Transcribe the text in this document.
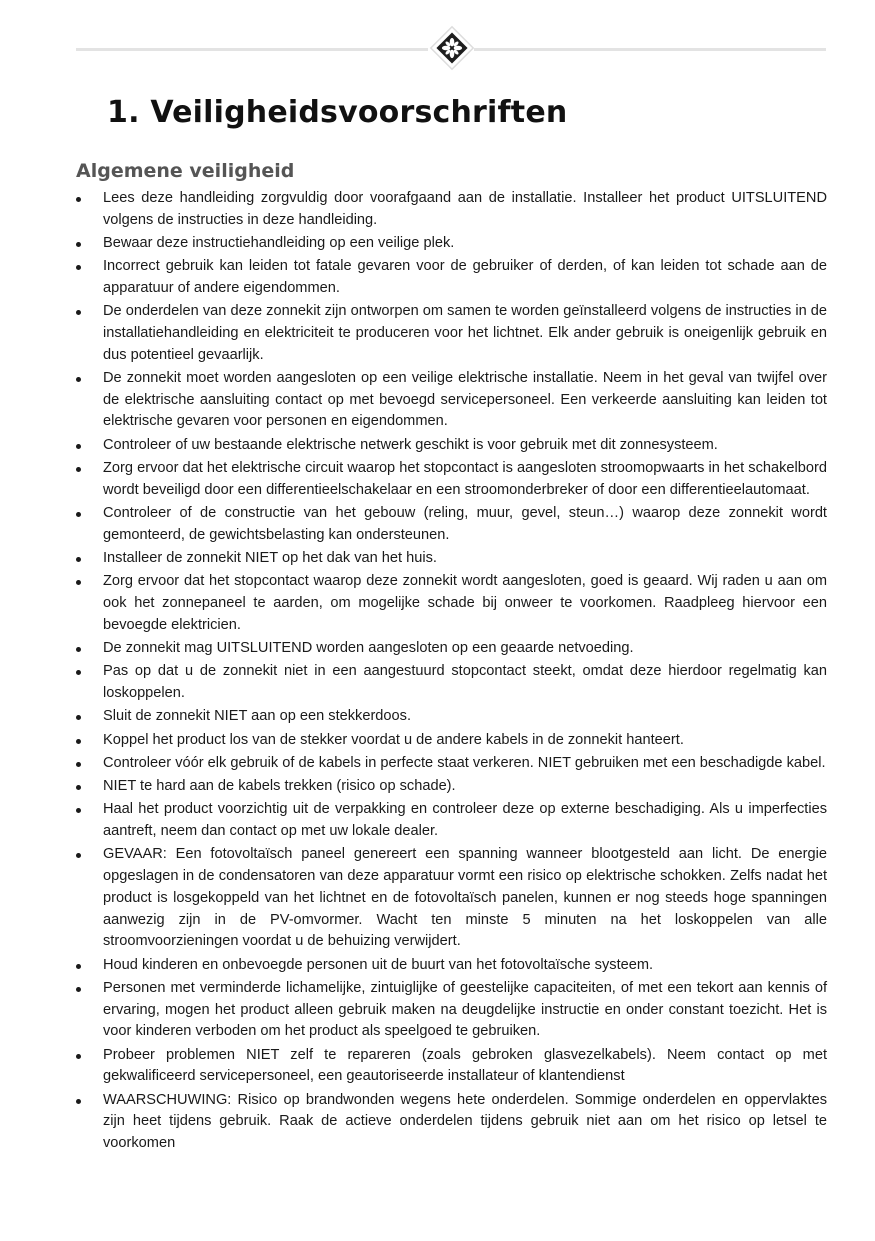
1. Veiligheidsvoorschriften
Algemene veiligheid
Lees deze handleiding zorgvuldig door voorafgaand aan de installatie. Installeer het product UITSLUITEND volgens de instructies in deze handleiding.
Bewaar deze instructiehandleiding op een veilige plek.
Incorrect gebruik kan leiden tot fatale gevaren voor de gebruiker of derden, of kan leiden tot schade aan de apparatuur of andere eigendommen.
De onderdelen van deze zonnekit zijn ontworpen om samen te worden geïnstalleerd volgens de instructies in de installatiehandleiding en elektriciteit te produceren voor het lichtnet. Elk ander gebruik is oneigenlijk gebruik en dus potentieel gevaarlijk.
De zonnekit moet worden aangesloten op een veilige elektrische installatie. Neem in het geval van twijfel over de elektrische aansluiting contact op met bevoegd servicepersoneel. Een verkeerde aansluiting kan leiden tot elektrische gevaren voor personen en eigendommen.
Controleer of uw bestaande elektrische netwerk geschikt is voor gebruik met dit zonnesysteem.
Zorg ervoor dat het elektrische circuit waarop het stopcontact is aangesloten stroomopwaarts in het schakelbord wordt beveiligd door een differentieelschakelaar en een stroomonderbreker of door een differentieelautomaat.
Controleer of de constructie van het gebouw (reling, muur, gevel, steun…) waarop deze zonnekit wordt gemonteerd, de gewichtsbelasting kan ondersteunen.
Installeer de zonnekit NIET op het dak van het huis.
Zorg ervoor dat het stopcontact waarop deze zonnekit wordt aangesloten, goed is geaard. Wij raden u aan om ook het zonnepaneel te aarden, om mogelijke schade bij onweer te voorkomen. Raadpleeg hiervoor een bevoegde elektricien.
De zonnekit mag UITSLUITEND worden aangesloten op een geaarde netvoeding.
Pas op dat u de zonnekit niet in een aangestuurd stopcontact steekt, omdat deze hierdoor regelmatig kan loskoppelen.
Sluit de zonnekit NIET aan op een stekkerdoos.
Koppel het product los van de stekker voordat u de andere kabels in de zonnekit hanteert.
Controleer vóór elk gebruik of de kabels in perfecte staat verkeren. NIET gebruiken met een beschadigde kabel.
NIET te hard aan de kabels trekken (risico op schade).
Haal het product voorzichtig uit de verpakking en controleer deze op externe beschadiging. Als u imperfecties aantreft, neem dan contact op met uw lokale dealer.
GEVAAR: Een fotovoltaïsch paneel genereert een spanning wanneer blootgesteld aan licht. De energie opgeslagen in de condensatoren van deze apparatuur vormt een risico op elektrische schokken. Zelfs nadat het product is losgekoppeld van het lichtnet en de fotovoltaïsch panelen, kunnen er nog steeds hoge spanningen aanwezig zijn in de PV-omvormer. Wacht ten minste 5 minuten na het loskoppelen van alle stroomvoorzieningen voordat u de behuizing verwijdert.
Houd kinderen en onbevoegde personen uit de buurt van het fotovoltaïsche systeem.
Personen met verminderde lichamelijke, zintuiglijke of geestelijke capaciteiten, of met een tekort aan kennis of ervaring, mogen het product alleen gebruik maken na deugdelijke instructie en onder constant toezicht. Het is voor kinderen verboden om het product als speelgoed te gebruiken.
Probeer problemen NIET zelf te repareren (zoals gebroken glasvezelkabels). Neem contact op met gekwalificeerd servicepersoneel, een geautoriseerde installateur of klantendienst
WAARSCHUWING: Risico op brandwonden wegens hete onderdelen. Sommige onderdelen en oppervlaktes zijn heet tijdens gebruik. Raak de actieve onderdelen tijdens gebruik niet aan om het risico op letsel te voorkomen
